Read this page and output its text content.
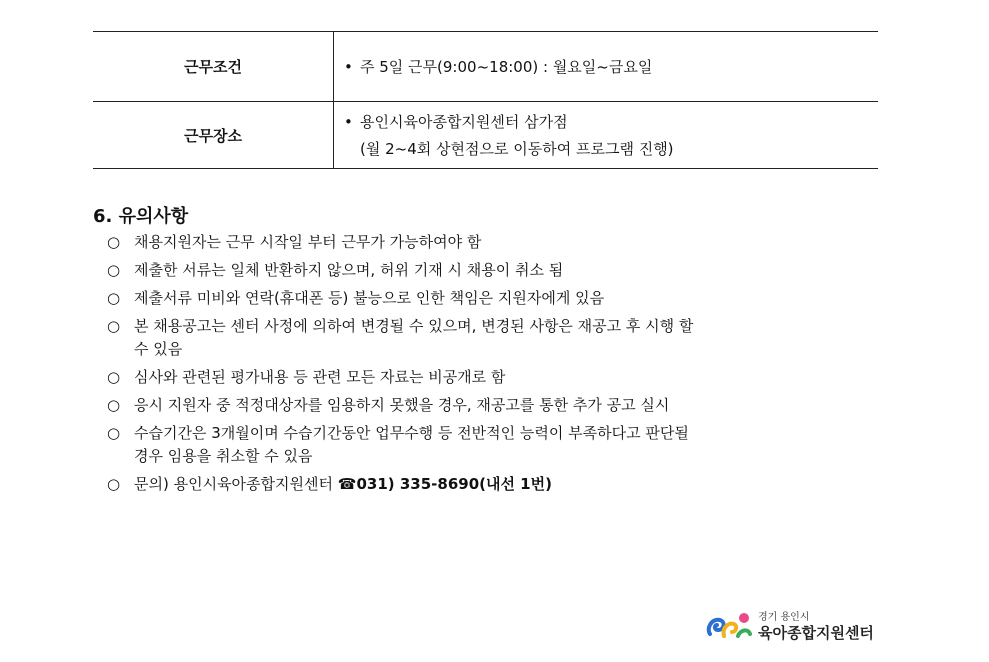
근무조건	• 주 5일 근무(9:00~18:00) : 월요일~금요일

근무장소	• 용인시육아종합지원센터 삼가점
(월 2~4회 상현점으로 이동하여 프로그램 진행)
6. 유의사항
○ 채용지원자는 근무 시작일 부터 근무가 가능하여야 함
○ 제출한 서류는 일체 반환하지 않으며, 허위 기재 시 채용이 취소 됨
○ 제출서류 미비와 연락(휴대폰 등) 불능으로 인한 책임은 지원자에게 있음
○ 본 채용공고는 센터 사정에 의하여 변경될 수 있으며, 변경된 사항은 재공고 후 시행 할
수 있음
○ 심사와 관련된 평가내용 등 관련 모든 자료는 비공개로 함
○ 응시 지원자 중 적정대상자를 임용하지 못했을 경우, 재공고를 통한 추가 공고 실시
○ 수습기간은 3개월이며 수습기간동안 업무수행 등 전반적인 능력이 부족하다고 판단될
경우 임용을 취소할 수 있음
○ 문의) 용인시육아종합지원센터 ☎031) 335-8690(내선 1번)
경기 용인시
육아종합지원센터
